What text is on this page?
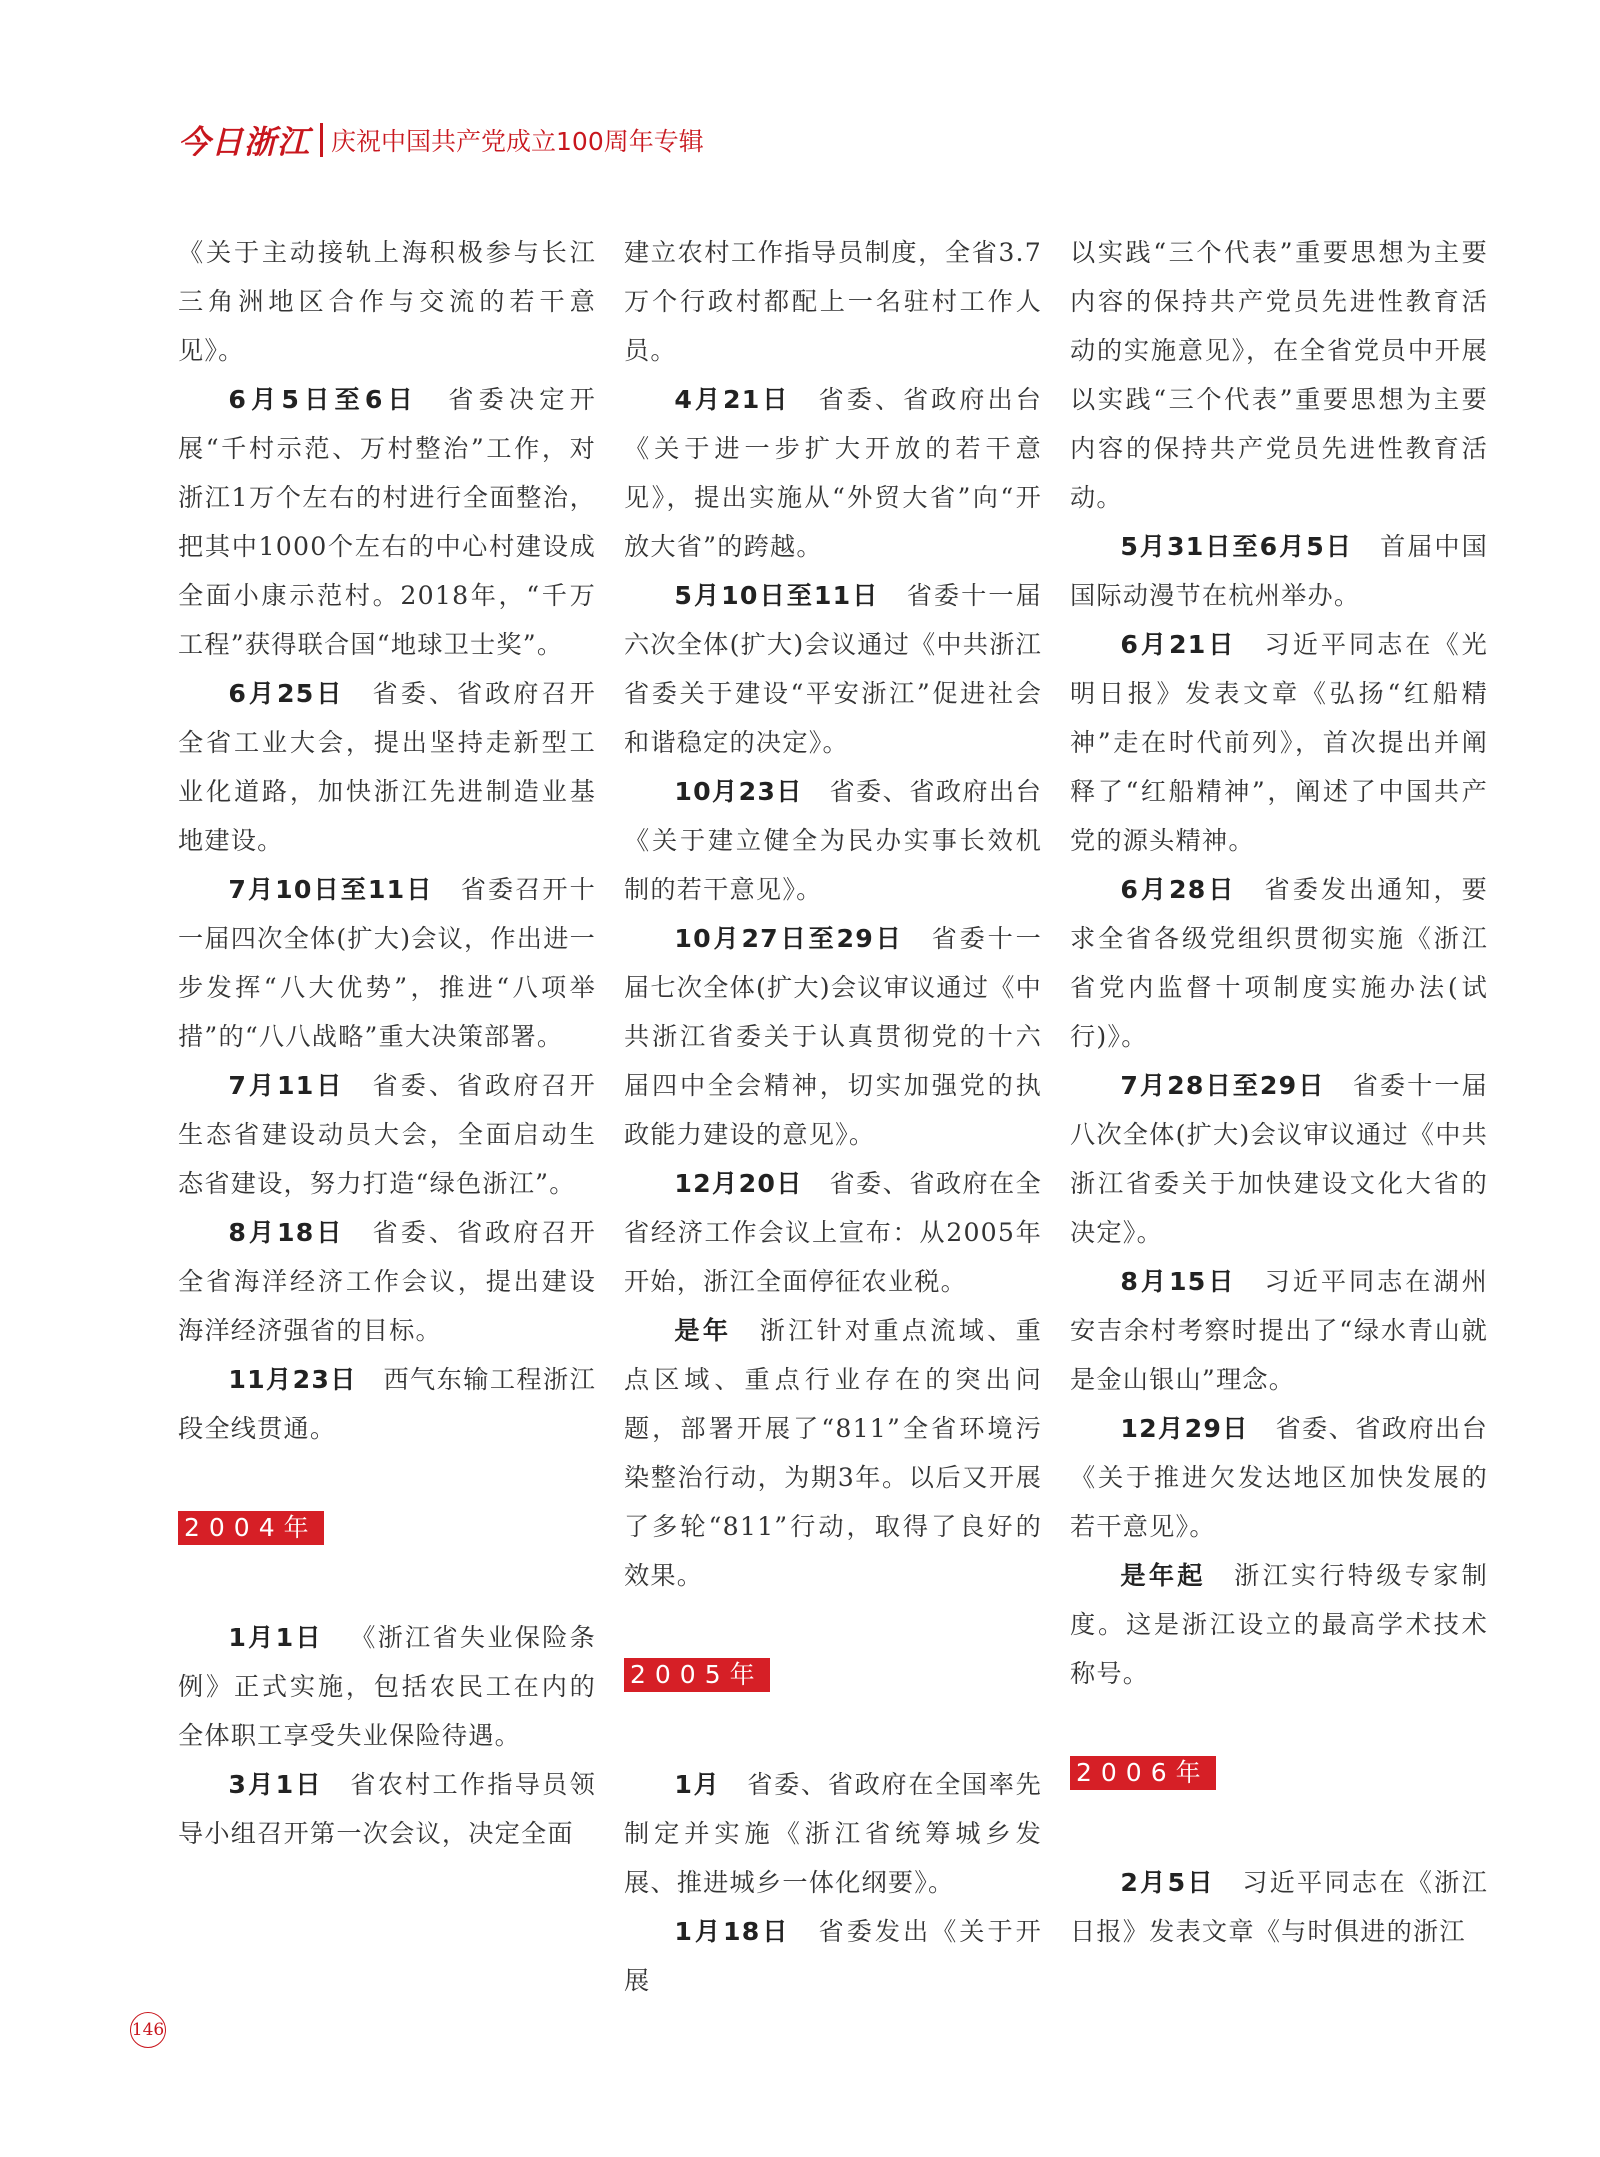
今日浙江 庆祝中国共产党成立100周年专辑

《关于主动接轨上海积极参与长江三角洲地区合作与交流的若干意见》。

6月5日至6日  省委决定开展“千村示范、万村整治”工作，对浙江1万个左右的村进行全面整治，把其中1000个左右的中心村建设成全面小康示范村。2018年，“千万工程”获得联合国“地球卫士奖”。

6月25日  省委、省政府召开全省工业大会，提出坚持走新型工业化道路，加快浙江先进制造业基地建设。

7月10日至11日  省委召开十一届四次全体(扩大)会议，作出进一步发挥“八大优势”，推进“八项举措”的“八八战略”重大决策部署。

7月11日  省委、省政府召开生态省建设动员大会，全面启动生态省建设，努力打造“绿色浙江”。

8月18日  省委、省政府召开全省海洋经济工作会议，提出建设海洋经济强省的目标。

11月23日  西气东输工程浙江段全线贯通。

2004年

1月1日  《浙江省失业保险条例》正式实施，包括农民工在内的全体职工享受失业保险待遇。

3月1日  省农村工作指导员领导小组召开第一次会议，决定全面

建立农村工作指导员制度，全省3.7万个行政村都配上一名驻村工作人员。

4月21日  省委、省政府出台《关于进一步扩大开放的若干意见》，提出实施从“外贸大省”向“开放大省”的跨越。

5月10日至11日  省委十一届六次全体(扩大)会议通过《中共浙江省委关于建设“平安浙江”促进社会和谐稳定的决定》。

10月23日  省委、省政府出台《关于建立健全为民办实事长效机制的若干意见》。

10月27日至29日  省委十一届七次全体(扩大)会议审议通过《中共浙江省委关于认真贯彻党的十六届四中全会精神，切实加强党的执政能力建设的意见》。

12月20日  省委、省政府在全省经济工作会议上宣布：从2005年开始，浙江全面停征农业税。

是年  浙江针对重点流域、重点区域、重点行业存在的突出问题，部署开展了“811”全省环境污染整治行动，为期3年。以后又开展了多轮“811”行动，取得了良好的效果。

2005年

1月  省委、省政府在全国率先制定并实施《浙江省统筹城乡发展、推进城乡一体化纲要》。

1月18日  省委发出《关于开展

以实践“三个代表”重要思想为主要内容的保持共产党员先进性教育活动的实施意见》，在全省党员中开展以实践“三个代表”重要思想为主要内容的保持共产党员先进性教育活动。

5月31日至6月5日  首届中国国际动漫节在杭州举办。

6月21日  习近平同志在《光明日报》发表文章《弘扬“红船精神”走在时代前列》，首次提出并阐释了“红船精神”，阐述了中国共产党的源头精神。

6月28日  省委发出通知，要求全省各级党组织贯彻实施《浙江省党内监督十项制度实施办法(试行)》。

7月28日至29日  省委十一届八次全体(扩大)会议审议通过《中共浙江省委关于加快建设文化大省的决定》。

8月15日  习近平同志在湖州安吉余村考察时提出了“绿水青山就是金山银山”理念。

12月29日  省委、省政府出台《关于推进欠发达地区加快发展的若干意见》。

是年起  浙江实行特级专家制度。这是浙江设立的最高学术技术称号。

2006年

2月5日  习近平同志在《浙江日报》发表文章《与时俱进的浙江

146
